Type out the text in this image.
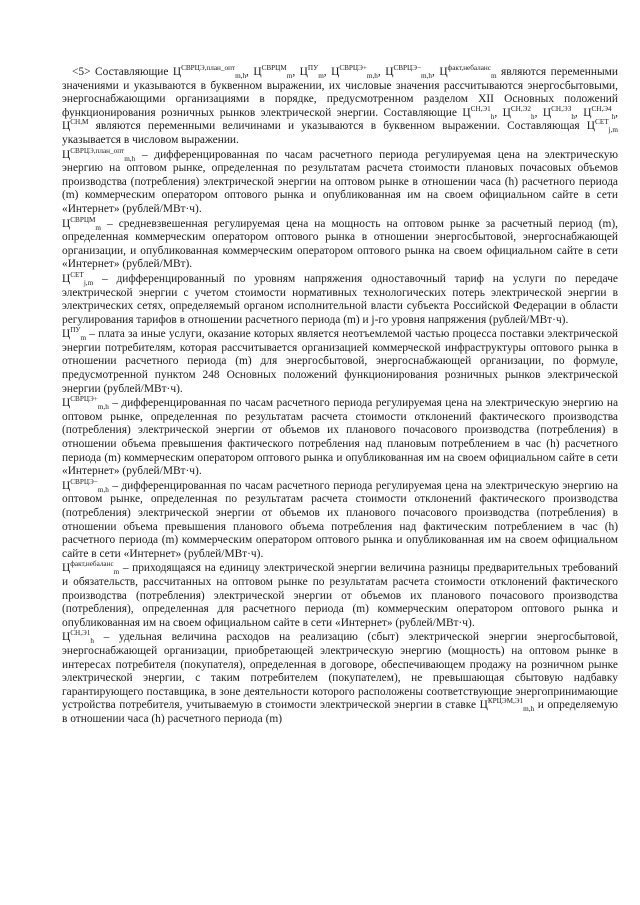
<5> Составляющие $Ц^{СВРЦЭ,план\_опт}_{m,h}$, $Ц^{СВРЦМ}_m$, $Ц^{ПУ}_m$, $Ц^{СВРЦЭ+}_{m,h}$, $Ц^{СВРЦЭ-}_{m,h}$, $Ц^{факт,небаланс}_m$ являются переменными значениями и указываются в буквенном выражении, их числовые значения рассчитываются энергосбытовыми, энергоснабжающими организациями в порядке, предусмотренном разделом XII Основных положений функционирования розничных рынков электрической энергии. Составляющие $Ц^{СН,Э1}_h$, $Ц^{СН,Э2}_h$, $Ц^{СН,ЭЗ}_h$, $Ц^{СН,Э4}_h$, $Ц^{СН,М}$ являются переменными величинами и указываются в буквенном выражении. Составляющая $Ц^{СЕТ}_{j,m}$ указывается в числовом выражении.

$Ц^{СВРЦЭ,план\_опт}_{m,h}$ – дифференцированная по часам расчетного периода регулируемая цена на электрическую энергию на оптовом рынке, определенная по результатам расчета стоимости плановых почасовых объемов производства (потребления) электрической энергии на оптовом рынке в отношении часа (h) расчетного периода (m) коммерческим оператором оптового рынка и опубликованная им на своем официальном сайте в сети «Интернет» (рублей/МВт·ч).

$Ц^{СВРЦМ}_m$ – средневзвешенная регулируемая цена на мощность на оптовом рынке за расчетный период (m), определенная коммерческим оператором оптового рынка в отношении энергосбытовой, энергоснабжающей организации, и опубликованная коммерческим оператором оптового рынка на своем официальном сайте в сети «Интернет» (рублей/МВт).

$Ц^{СЕТ}_{j,m}$ – дифференцированный по уровням напряжения одноставочный тариф на услуги по передаче электрической энергии с учетом стоимости нормативных технологических потерь электрической энергии в электрических сетях, определяемый органом исполнительной власти субъекта Российской Федерации в области регулирования тарифов в отношении расчетного периода (m) и j-го уровня напряжения (рублей/МВт·ч).

$Ц^{ПУ}_m$ – плата за иные услуги, оказание которых является неотъемлемой частью процесса поставки электрической энергии потребителям, которая рассчитывается организацией коммерческой инфраструктуры оптового рынка в отношении расчетного периода (m) для энергосбытовой, энергоснабжающей организации, по формуле, предусмотренной пунктом 248 Основных положений функционирования розничных рынков электрической энергии (рублей/МВт·ч).

$Ц^{СВРЦЭ+}_{m,h}$ – дифференцированная по часам расчетного периода регулируемая цена на электрическую энергию на оптовом рынке, определенная по результатам расчета стоимости отклонений фактического производства (потребления) электрической энергии от объемов их планового почасового производства (потребления) в отношении объема превышения фактического потребления над плановым потреблением в час (h) расчетного периода (m) коммерческим оператором оптового рынка и опубликованная им на своем официальном сайте в сети «Интернет» (рублей/МВт·ч).

$Ц^{СВРЦЭ-}_{m,h}$ – дифференцированная по часам расчетного периода регулируемая цена на электрическую энергию на оптовом рынке, определенная по результатам расчета стоимости отклонений фактического производства (потребления) электрической энергии от объемов их планового почасового производства (потребления) в отношении объема превышения планового объема потребления над фактическим потреблением в час (h) расчетного периода (m) коммерческим оператором оптового рынка и опубликованная им на своем официальном сайте в сети «Интернет» (рублей/МВт·ч).

$Ц^{факт,небаланс}_m$ – приходящаяся на единицу электрической энергии величина разницы предварительных требований и обязательств, рассчитанных на оптовом рынке по результатам расчета стоимости отклонений фактического производства (потребления) электрической энергии от объемов их планового почасового производства (потребления), определенная для расчетного периода (m) коммерческим оператором оптового рынка и опубликованная им на своем официальном сайте в сети «Интернет» (рублей/МВт·ч).

$Ц^{СН,Э1}_h$ – удельная величина расходов на реализацию (сбыт) электрической энергии энергосбытовой, энергоснабжающей организации, приобретающей электрическую энергию (мощность) на оптовом рынке в интересах потребителя (покупателя), определенная в договоре, обеспечивающем продажу на розничном рынке электрической энергии, с таким потребителем (покупателем), не превышающая сбытовую надбавку гарантирующего поставщика, в зоне деятельности которого расположены соответствующие энергопринимающие устройства потребителя, учитываемую в стоимости электрической энергии в ставке $Ц^{КРЦЭМ,Э1}_{m,h}$ и определяемую в отношении часа (h) расчетного периода (m)
